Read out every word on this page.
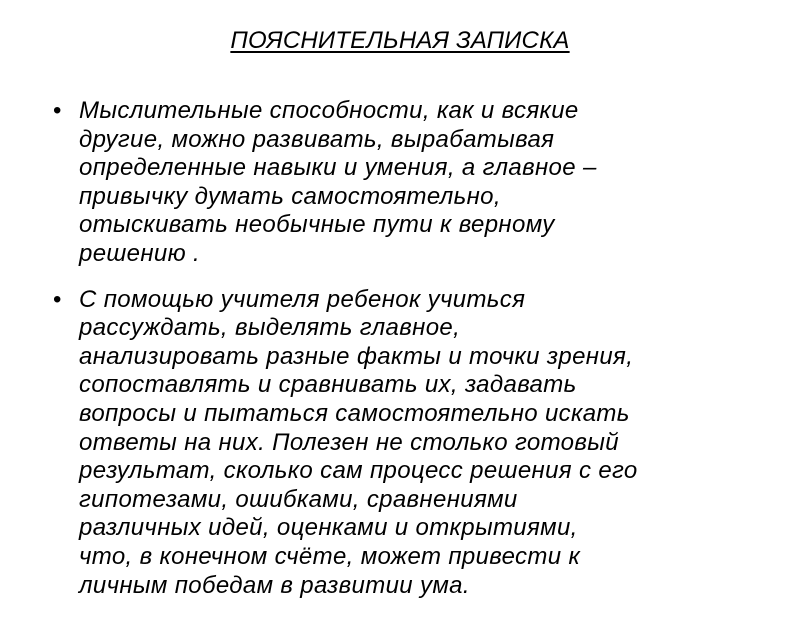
ПОЯСНИТЕЛЬНАЯ ЗАПИСКА
• Мыслительные способности, как и всякие
другие, можно развивать, вырабатывая
определенные навыки и умения, а главное –
привычку думать самостоятельно,
отыскивать необычные пути к верному
решению .

• С помощью учителя ребенок учиться
рассуждать, выделять главное,
анализировать разные факты и точки зрения,
сопоставлять и сравнивать их, задавать
вопросы и пытаться самостоятельно искать
ответы на них. Полезен не столько готовый
результат, сколько сам процесс решения с его
гипотезами, ошибками, сравнениями
различных идей, оценками и открытиями,
что, в конечном счёте, может привести к
личным победам в развитии ума.
